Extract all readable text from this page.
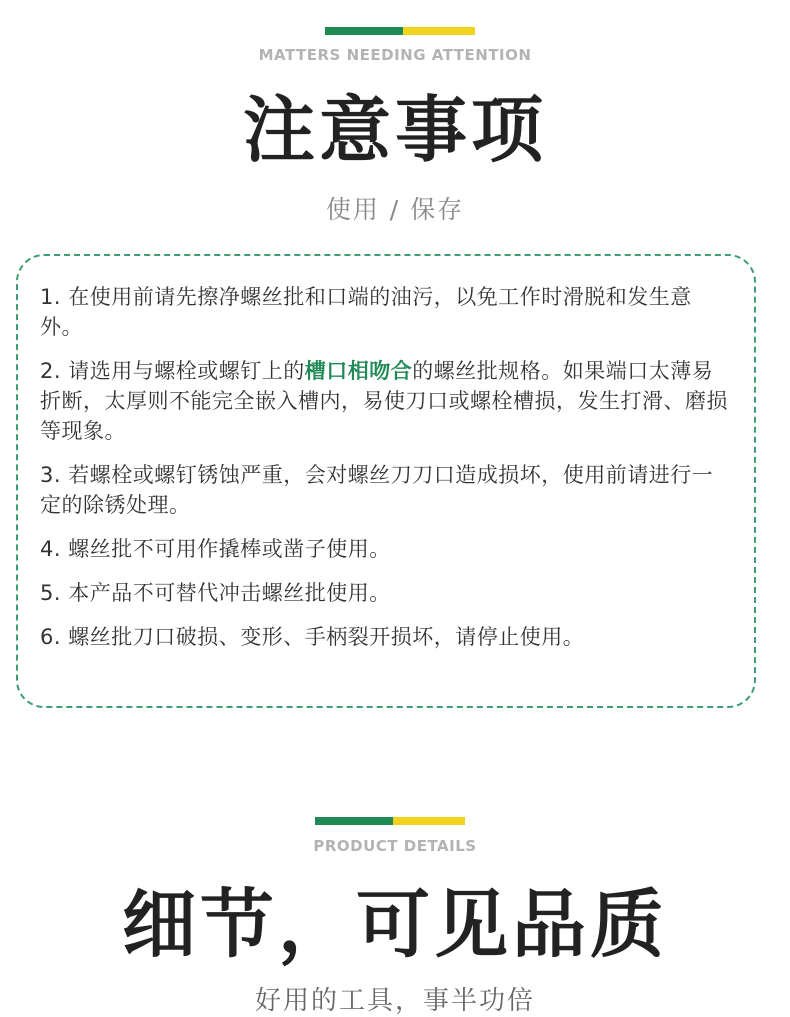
MATTERS NEEDING ATTENTION
注意事项
使用 / 保存

1. 在使用前请先擦净螺丝批和口端的油污，以免工作时滑脱和发生意外。

2. 请选用与螺栓或螺钉上的槽口相吻合的螺丝批规格。如果端口太薄易折断，太厚则不能完全嵌入槽内，易使刀口或螺栓槽损，发生打滑、磨损等现象。

3. 若螺栓或螺钉锈蚀严重，会对螺丝刀刀口造成损坏，使用前请进行一定的除锈处理。

4. 螺丝批不可用作撬棒或凿子使用。

5. 本产品不可替代冲击螺丝批使用。

6. 螺丝批刀口破损、变形、手柄裂开损坏，请停止使用。

PRODUCT DETAILS
细节，可见品质
好用的工具，事半功倍
